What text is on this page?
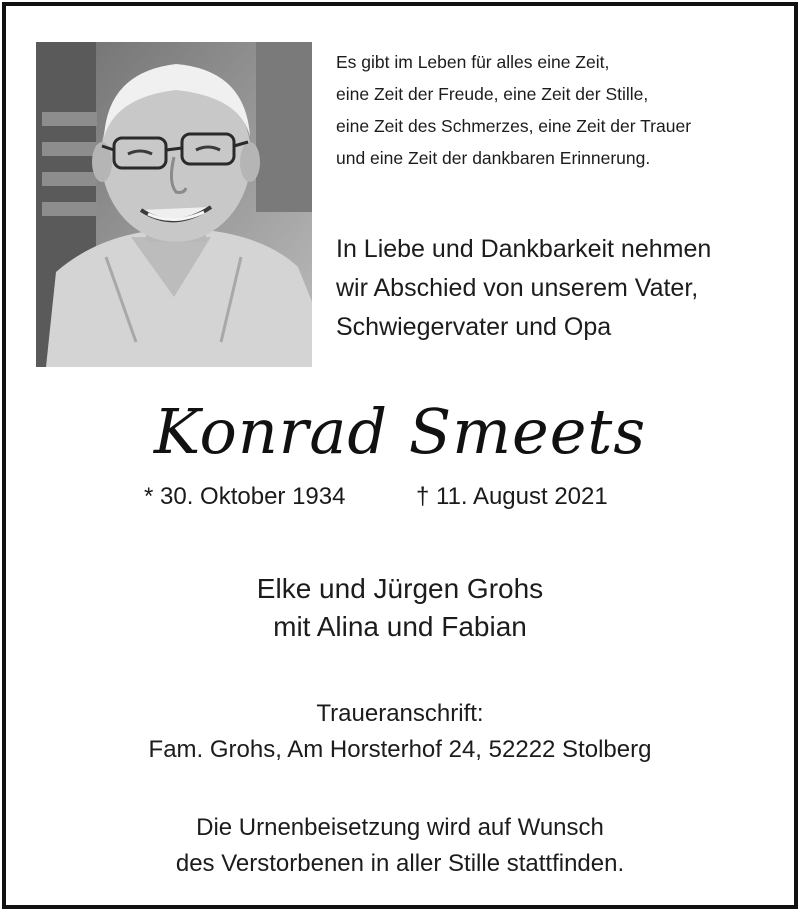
Es gibt im Leben für alles eine Zeit,
eine Zeit der Freude, eine Zeit der Stille,
eine Zeit des Schmerzes, eine Zeit der Trauer
und eine Zeit der dankbaren Erinnerung.
In Liebe und Dankbarkeit nehmen
wir Abschied von unserem Vater,
Schwiegervater und Opa
Konrad Smeets
* 30. Oktober 1934	† 11. August 2021
Elke und Jürgen Grohs
mit Alina und Fabian
Traueranschrift:
Fam. Grohs, Am Horsterhof 24, 52222 Stolberg
Die Urnenbeisetzung wird auf Wunsch
des Verstorbenen in aller Stille stattfinden.
